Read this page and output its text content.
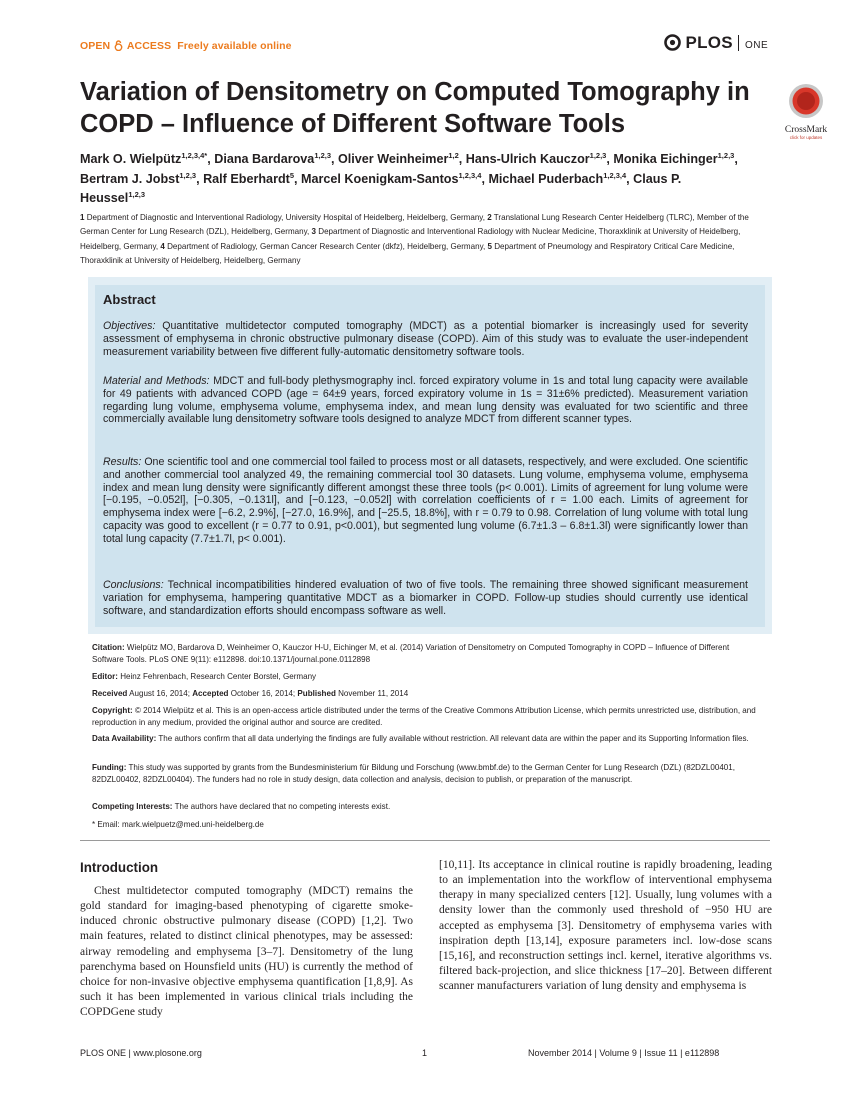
OPEN ACCESS Freely available online	PLOS ONE
Variation of Densitometry on Computed Tomography in COPD – Influence of Different Software Tools	CrossMark
click for updates
Mark O. Wielpütz$^{1,2,3,4*}$, Diana Bardarova$^{1,2,3}$, Oliver Weinheimer$^{1,2}$, Hans-Ulrich Kauczor$^{1,2,3}$, Monika Eichinger$^{1,2,3}$, Bertram J. Jobst$^{1,2,3}$, Ralf Eberhardt$^5$, Marcel Koenigkam-Santos$^{1,2,3,4}$, Michael Puderbach$^{1,2,3,4}$, Claus P. Heussel$^{1,2,3}$
1 Department of Diagnostic and Interventional Radiology, University Hospital of Heidelberg, Heidelberg, Germany, 2 Translational Lung Research Center Heidelberg (TLRC), Member of the German Center for Lung Research (DZL), Heidelberg, Germany, 3 Department of Diagnostic and Interventional Radiology with Nuclear Medicine, Thoraxklinik at University of Heidelberg, Heidelberg, Germany, 4 Department of Radiology, German Cancer Research Center (dkfz), Heidelberg, Germany, 5 Department of Pneumology and Respiratory Critical Care Medicine, Thoraxklinik at University of Heidelberg, Heidelberg, Germany
Abstract
Objectives: Quantitative multidetector computed tomography (MDCT) as a potential biomarker is increasingly used for severity assessment of emphysema in chronic obstructive pulmonary disease (COPD). Aim of this study was to evaluate the user-independent measurement variability between five different fully-automatic densitometry software tools.
Material and Methods: MDCT and full-body plethysmography incl. forced expiratory volume in 1s and total lung capacity were available for 49 patients with advanced COPD (age = 64±9 years, forced expiratory volume in 1s = 31±6% predicted). Measurement variation regarding lung volume, emphysema volume, emphysema index, and mean lung density was evaluated for two scientific and three commercially available lung densitometry software tools designed to analyze MDCT from different scanner types.
Results: One scientific tool and one commercial tool failed to process most or all datasets, respectively, and were excluded. One scientific and another commercial tool analyzed 49, the remaining commercial tool 30 datasets. Lung volume, emphysema volume, emphysema index and mean lung density were significantly different amongst these three tools (p< 0.001). Limits of agreement for lung volume were [−0.195, −0.052l], [−0.305, −0.131l], and [−0.123, −0.052l] with correlation coefficients of r = 1.00 each. Limits of agreement for emphysema index were [−6.2, 2.9%], [−27.0, 16.9%], and [−25.5, 18.8%], with r = 0.79 to 0.98. Correlation of lung volume with total lung capacity was good to excellent (r = 0.77 to 0.91, p<0.001), but segmented lung volume (6.7±1.3 – 6.8±1.3l) were significantly lower than total lung capacity (7.7±1.7l, p< 0.001).
Conclusions: Technical incompatibilities hindered evaluation of two of five tools. The remaining three showed significant measurement variation for emphysema, hampering quantitative MDCT as a biomarker in COPD. Follow-up studies should currently use identical software, and standardization efforts should encompass software as well.
Citation: Wielpütz MO, Bardarova D, Weinheimer O, Kauczor H-U, Eichinger M, et al. (2014) Variation of Densitometry on Computed Tomography in COPD – Influence of Different Software Tools. PLoS ONE 9(11): e112898. doi:10.1371/journal.pone.0112898
Editor: Heinz Fehrenbach, Research Center Borstel, Germany
Received August 16, 2014; Accepted October 16, 2014; Published November 11, 2014
Copyright: © 2014 Wielpütz et al. This is an open-access article distributed under the terms of the Creative Commons Attribution License, which permits unrestricted use, distribution, and reproduction in any medium, provided the original author and source are credited.
Data Availability: The authors confirm that all data underlying the findings are fully available without restriction. All relevant data are within the paper and its Supporting Information files.
Funding: This study was supported by grants from the Bundesministerium für Bildung und Forschung (www.bmbf.de) to the German Center for Lung Research (DZL) (82DZL00401, 82DZL00402, 82DZL00404). The funders had no role in study design, data collection and analysis, decision to publish, or preparation of the manuscript.
Competing Interests: The authors have declared that no competing interests exist.
* Email: mark.wielpuetz@med.uni-heidelberg.de
Introduction
Chest multidetector computed tomography (MDCT) remains the gold standard for imaging-based phenotyping of cigarette smoke-induced chronic obstructive pulmonary disease (COPD) [1,2]. Two main features, related to distinct clinical phenotypes, may be assessed: airway remodeling and emphysema [3–7]. Densitometry of the lung parenchyma based on Hounsfield units (HU) is currently the method of choice for non-invasive objective emphysema quantification [1,8,9]. As such it has been implemented in various clinical trials including the COPDGene study
[10,11]. Its acceptance in clinical routine is rapidly broadening, leading to an implementation into the workflow of interventional emphysema therapy in many specialized centers [12]. Usually, lung volumes with a density lower than the commonly used threshold of −950 HU are accepted as emphysema [3]. Densitometry of emphysema varies with inspiration depth [13,14], exposure parameters incl. low-dose scans [15,16], and reconstruction settings incl. kernel, iterative algorithms vs. filtered back-projection, and slice thickness [17–20]. Between different scanner manufacturers variation of lung density and emphysema is
PLOS ONE | www.plosone.org	1	November 2014 | Volume 9 | Issue 11 | e112898
